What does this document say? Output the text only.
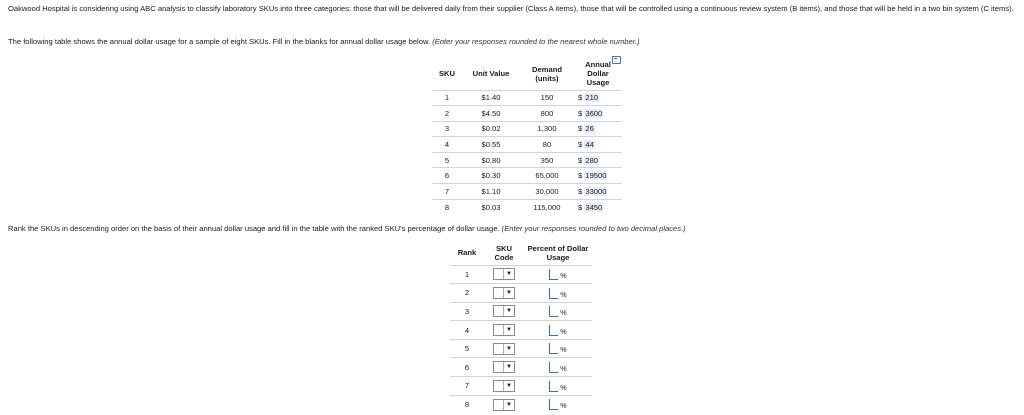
Oakwood Hospital is considering using ABC analysis to classify laboratory SKUs into three categories: those that will be delivered daily from their supplier (Class A items), those that will be controlled using a continuous review system (B items), and those that will be held in a two bin system (C items).
The following table shows the annual dollar usage for a sample of eight SKUs. Fill in the blanks for annual dollar usage below. (Enter your responses rounded to the nearest whole number.)
SKU	Unit Value	Demand (units)	Annual Dollar Usage
1	$1.40	150	$ 210
2	$4.50	800	$ 3600
3	$0.02	1,300	$ 26
4	$0.55	80	$ 44
5	$0.80	350	$ 280
6	$0.30	65,000	$ 19500
7	$1.10	30,000	$ 33000
8	$0.03	115,000	$ 3450
Rank the SKUs in descending order on the basis of their annual dollar usage and fill in the table with the ranked SKU's percentage of dollar usage. (Enter your responses rounded to two decimal places.)
Rank	SKU Code	Percent of Dollar Usage
1	▼	%

2	▼	%

3	▼	%

4	▼	%

5	▼	%

6	▼	%

7	▼	%

8	▼	%
